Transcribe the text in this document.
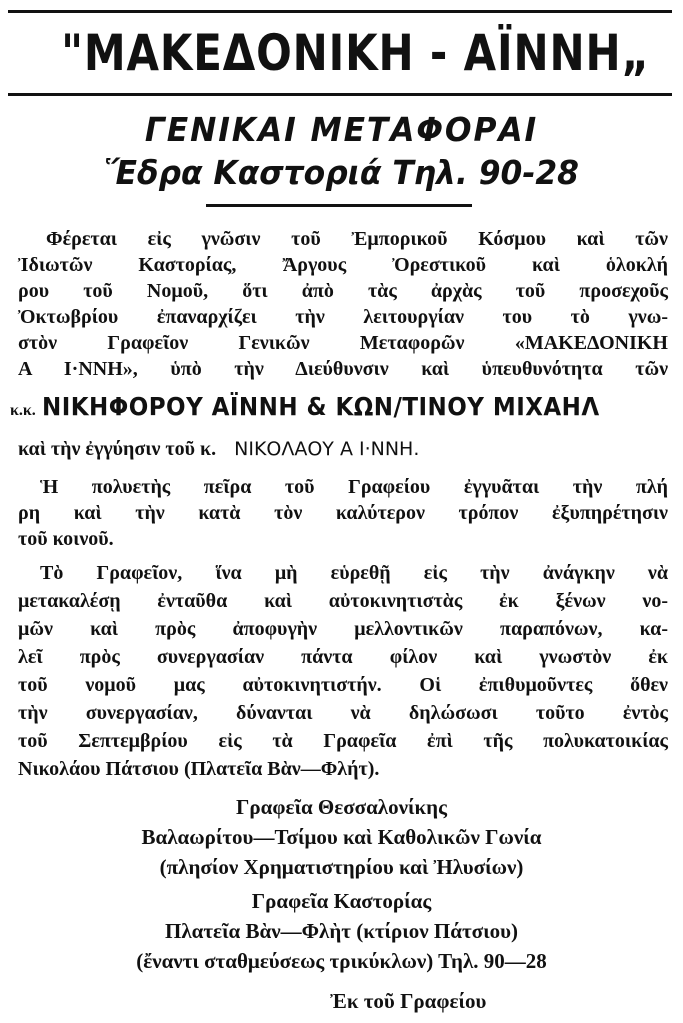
"ΜΑΚΕΔΟΝΙΚΗ - ΑΪΝΝΗ„
ΓΕΝΙΚΑΙ ΜΕΤΑΦΟΡΑΙ
Ἕδρα Καστοριά Τηλ. 90-28
Φέρεται εἰς γνῶσιν τοῦ Ἐμπορικοῦ Κόσμου καὶ τῶν
Ἰδιωτῶν Καστορίας, Ἄργους Ὀρεστικοῦ καὶ ὁλοκλή
ρου τοῦ Νομοῦ, ὅτι ἀπὸ τὰς ἀρχὰς τοῦ προσεχοῦς
Ὀκτωβρίου ἐπαναρχίζει τὴν λειτουργίαν του τὸ γνω-
στὸν Γραφεῖον Γενικῶν Μεταφορῶν «ΜΑΚΕΔΟΝΙΚΗ
Α Ι·ΝΝΗ», ὑπὸ τὴν Διεύθυνσιν καὶ ὑπευθυνότητα τῶν
κ.κ. ΝΙΚΗΦΟΡΟΥ ΑΪΝΝΗ & ΚΩΝ/ΤΙΝΟΥ ΜΙΧΑΗΛ
καὶ τὴν ἐγγύησιν τοῦ κ. ΝΙΚΟΛΑΟΥ Α Ι·ΝΝΗ.
Ἡ πολυετὴς πεῖρα τοῦ Γραφείου ἐγγυᾶται τὴν πλή
ρη καὶ τὴν κατὰ τὸν καλύτερον τρόπον ἐξυπηρέτησιν
τοῦ κοινοῦ.
Τὸ Γραφεῖον, ἵνα μὴ εὑρεθῇ εἰς τὴν ἀνάγκην νὰ
μετακαλέσῃ ἐνταῦθα καὶ αὐτοκινητιστὰς ἐκ ξένων νο-
μῶν καὶ πρὸς ἀποφυγὴν μελλοντικῶν παραπόνων, κα-
λεῖ πρὸς συνεργασίαν πάντα φίλον καὶ γνωστὸν ἐκ
τοῦ νομοῦ μας αὐτοκινητιστήν. Οἱ ἐπιθυμοῦντες ὅθεν
τὴν συνεργασίαν, δύνανται νὰ δηλώσωσι τοῦτο ἐντὸς
τοῦ Σεπτεμβρίου εἰς τὰ Γραφεῖα ἐπὶ τῆς πολυκατοικίας
Νικολάου Πάτσιου (Πλατεῖα Βὰν—Φλήτ).
Γραφεῖα Θεσσαλονίκης
Βαλαωρίτου—Τσίμου καὶ Καθολικῶν Γωνία
(πλησίον Χρηματιστηρίου καὶ Ἠλυσίων)
Γραφεῖα Καστορίας
Πλατεῖα Βὰν—Φλὴτ (κτίριον Πάτσιου)
(ἔναντι σταθμεύσεως τρικύκλων) Τηλ. 90—28
Ἐκ τοῦ Γραφείου
